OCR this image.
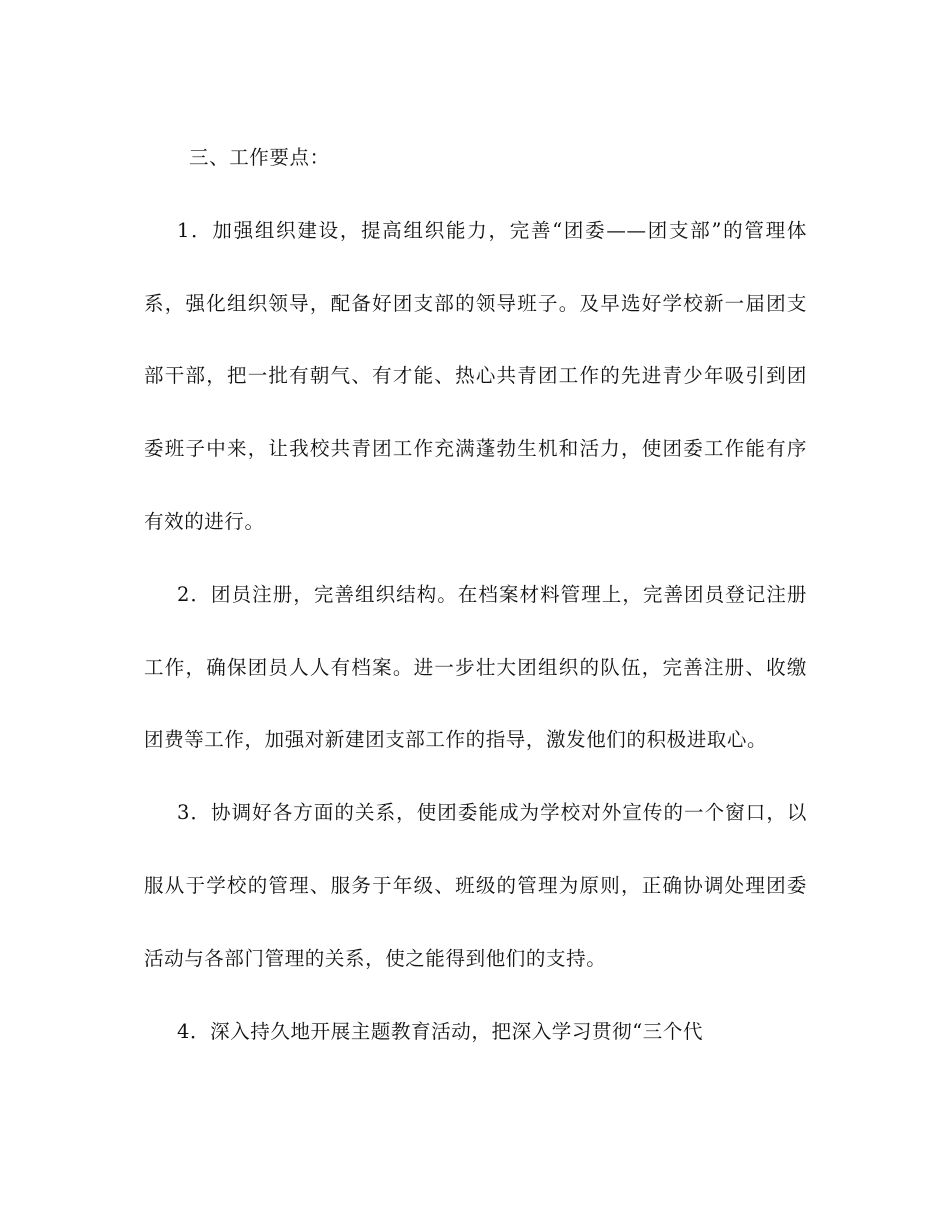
三、工作要点：

1．加强组织建设，提高组织能力，完善“团委——团支部”的管理体系，强化组织领导，配备好团支部的领导班子。及早选好学校新一届团支部干部，把一批有朝气、有才能、热心共青团工作的先进青少年吸引到团委班子中来，让我校共青团工作充满蓬勃生机和活力，使团委工作能有序有效的进行。

2．团员注册，完善组织结构。在档案材料管理上，完善团员登记注册工作，确保团员人人有档案。进一步壮大团组织的队伍，完善注册、收缴团费等工作，加强对新建团支部工作的指导，激发他们的积极进取心。

3．协调好各方面的关系，使团委能成为学校对外宣传的一个窗口，以服从于学校的管理、服务于年级、班级的管理为原则，正确协调处理团委活动与各部门管理的关系，使之能得到他们的支持。

4．深入持久地开展主题教育活动，把深入学习贯彻“三个代
